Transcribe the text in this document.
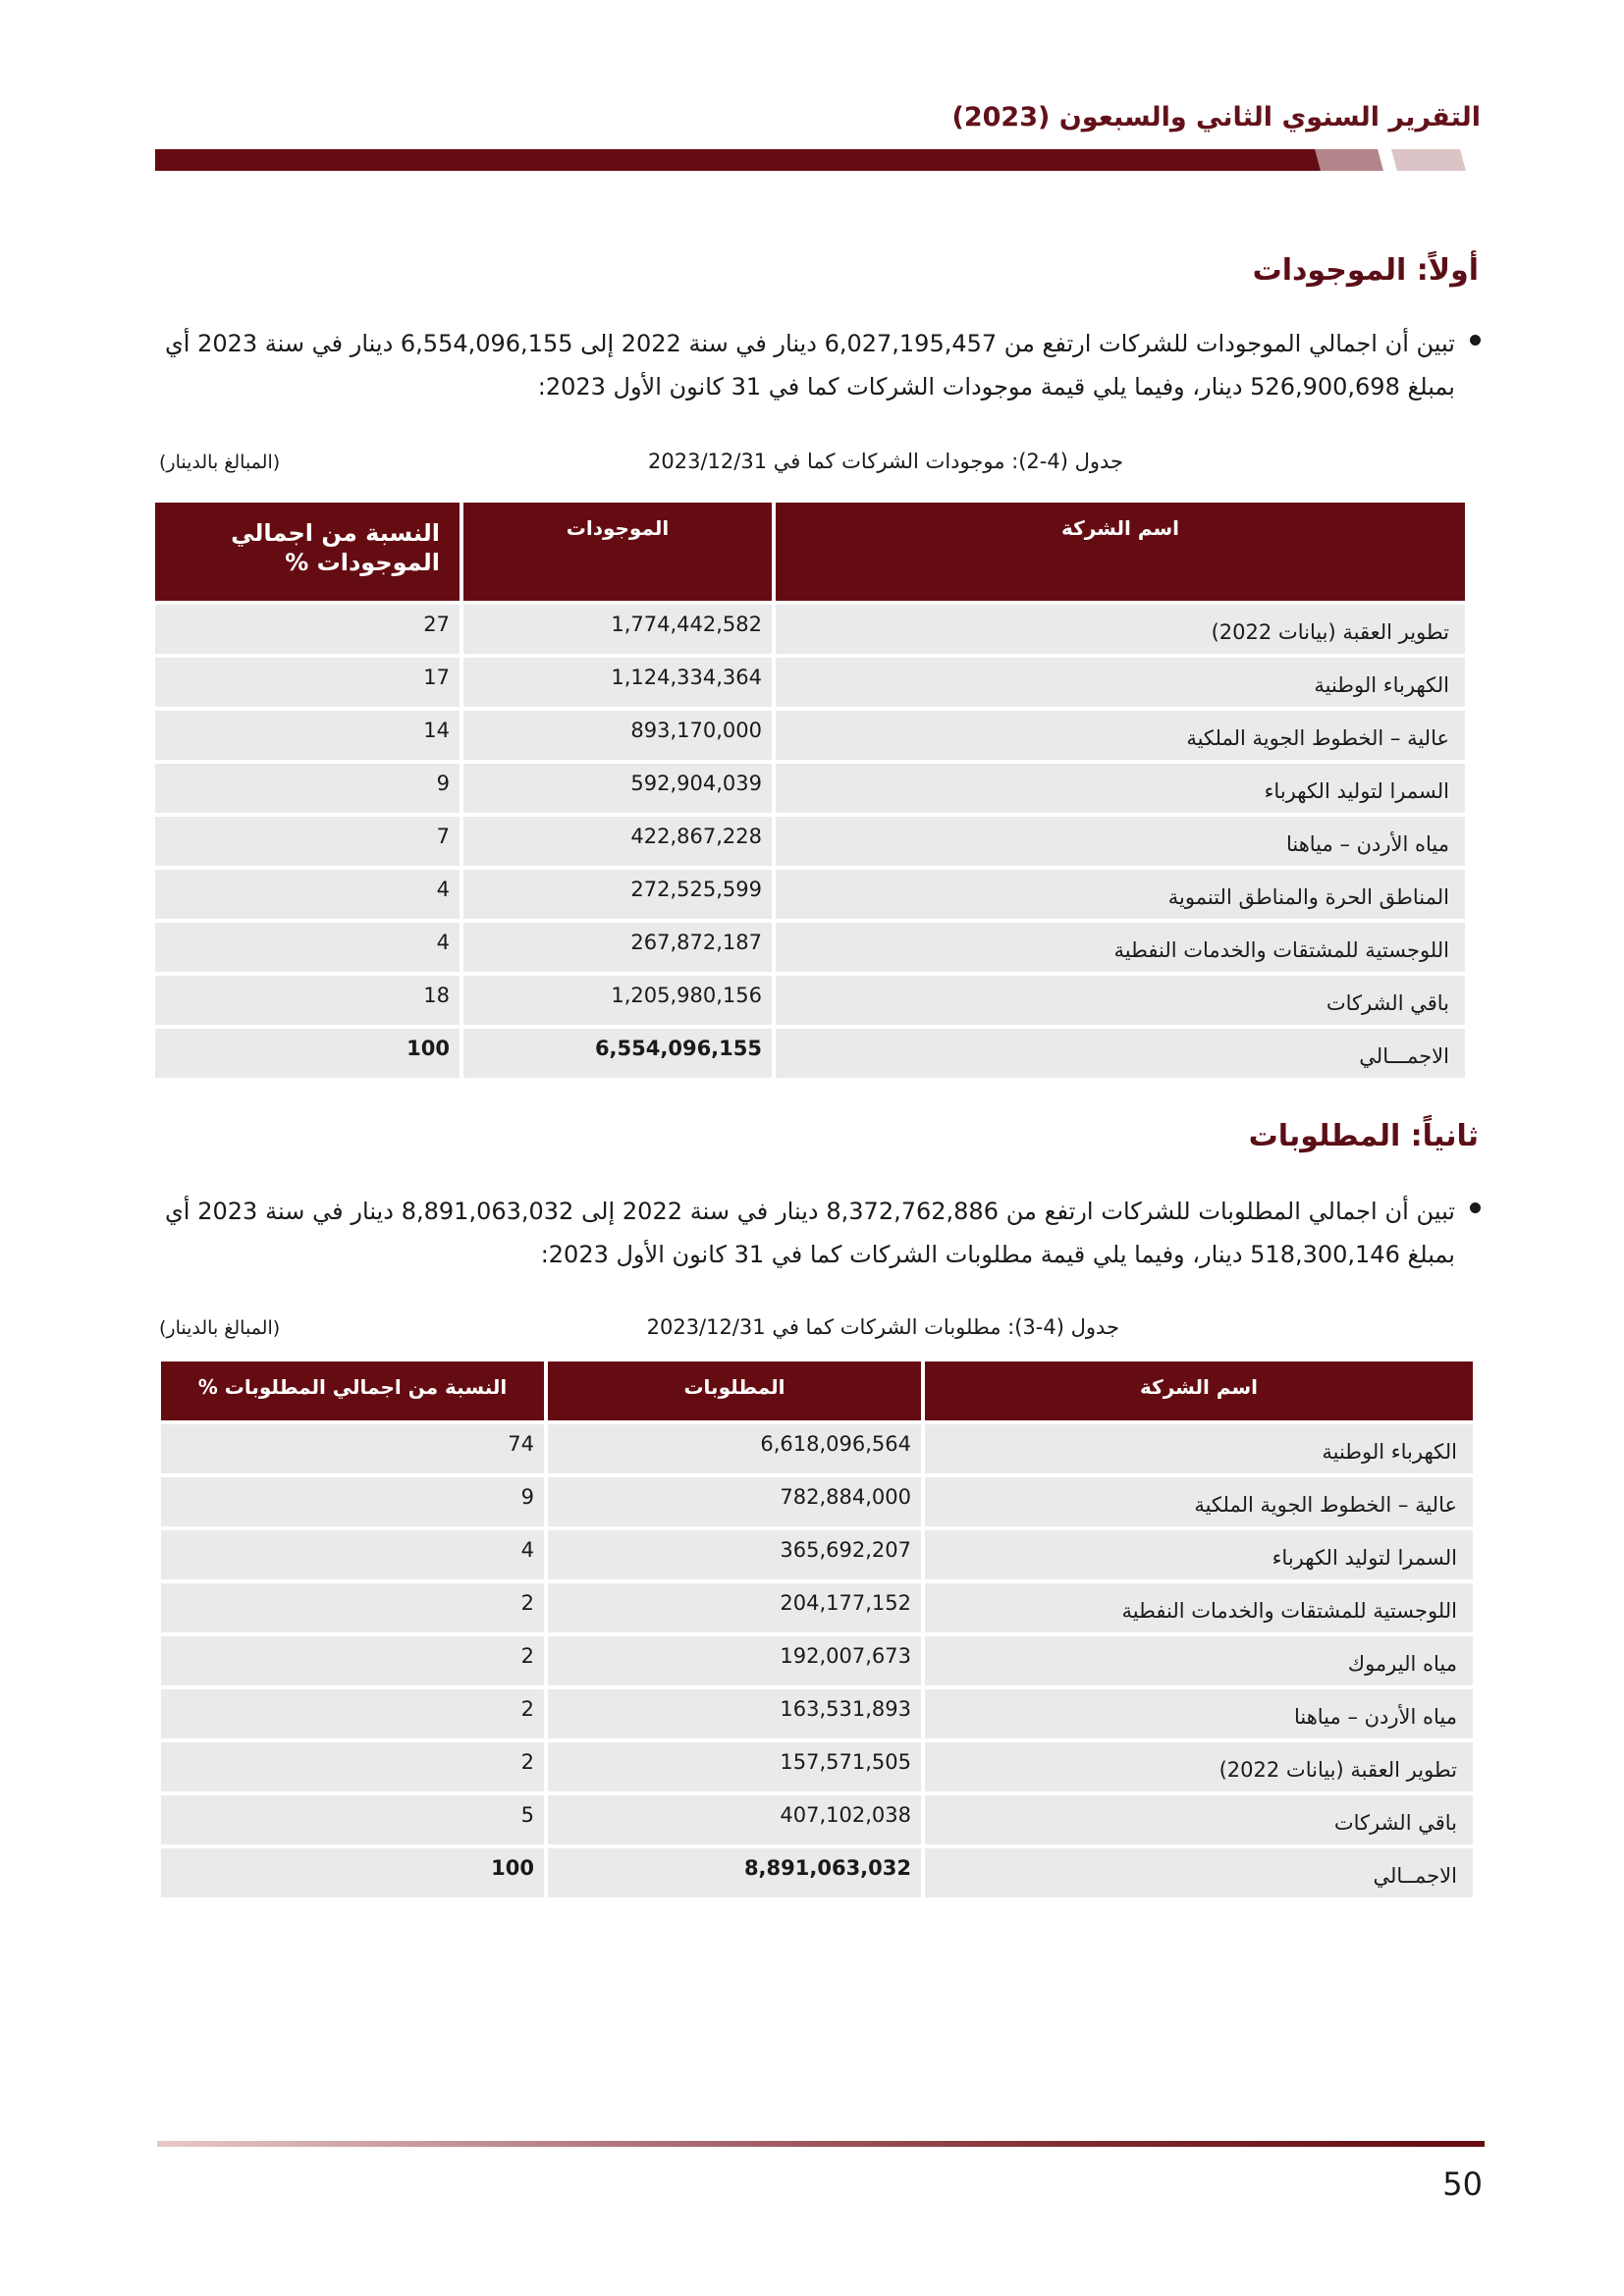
التقرير السنوي الثاني والسبعون (2023)
أولاً: الموجودات
تبين أن اجمالي الموجودات للشركات ارتفع من 6,027,195,457 دينار في سنة 2022 إلى 6,554,096,155 دينار في سنة 2023 أي بمبلغ 526,900,698 دينار، وفيما يلي قيمة موجودات الشركات كما في 31 كانون الأول 2023:
جدول (4-2): موجودات الشركات كما في 2023/12/31
(المبالغ بالدينار)
اسم الشركة	الموجودات	النسبة من اجمالي الموجودات %
تطوير العقبة (بيانات 2022)	1,774,442,582	27

الكهرباء الوطنية	1,124,334,364	17

عالية – الخطوط الجوية الملكية	893,170,000	14

السمرا لتوليد الكهرباء	592,904,039	9

مياه الأردن – مياهنا	422,867,228	7

المناطق الحرة والمناطق التنموية	272,525,599	4

اللوجستية للمشتقات والخدمات النفطية	267,872,187	4

باقي الشركات	1,205,980,156	18

الاجمـــالي	6,554,096,155	100
ثانياً: المطلوبات
تبين أن اجمالي المطلوبات للشركات ارتفع من 8,372,762,886 دينار في سنة 2022 إلى 8,891,063,032 دينار في سنة 2023 أي بمبلغ 518,300,146 دينار، وفيما يلي قيمة مطلوبات الشركات كما في 31 كانون الأول 2023:
جدول (4-3): مطلوبات الشركات كما في 2023/12/31
(المبالغ بالدينار)
اسم الشركة	المطلوبات	النسبة من اجمالي المطلوبات %
الكهرباء الوطنية	6,618,096,564	74

عالية – الخطوط الجوية الملكية	782,884,000	9

السمرا لتوليد الكهرباء	365,692,207	4

اللوجستية للمشتقات والخدمات النفطية	204,177,152	2

مياه اليرموك	192,007,673	2

مياه الأردن – مياهنا	163,531,893	2

تطوير العقبة (بيانات 2022)	157,571,505	2

باقي الشركات	407,102,038	5

الاجمــالي	8,891,063,032	100
50
